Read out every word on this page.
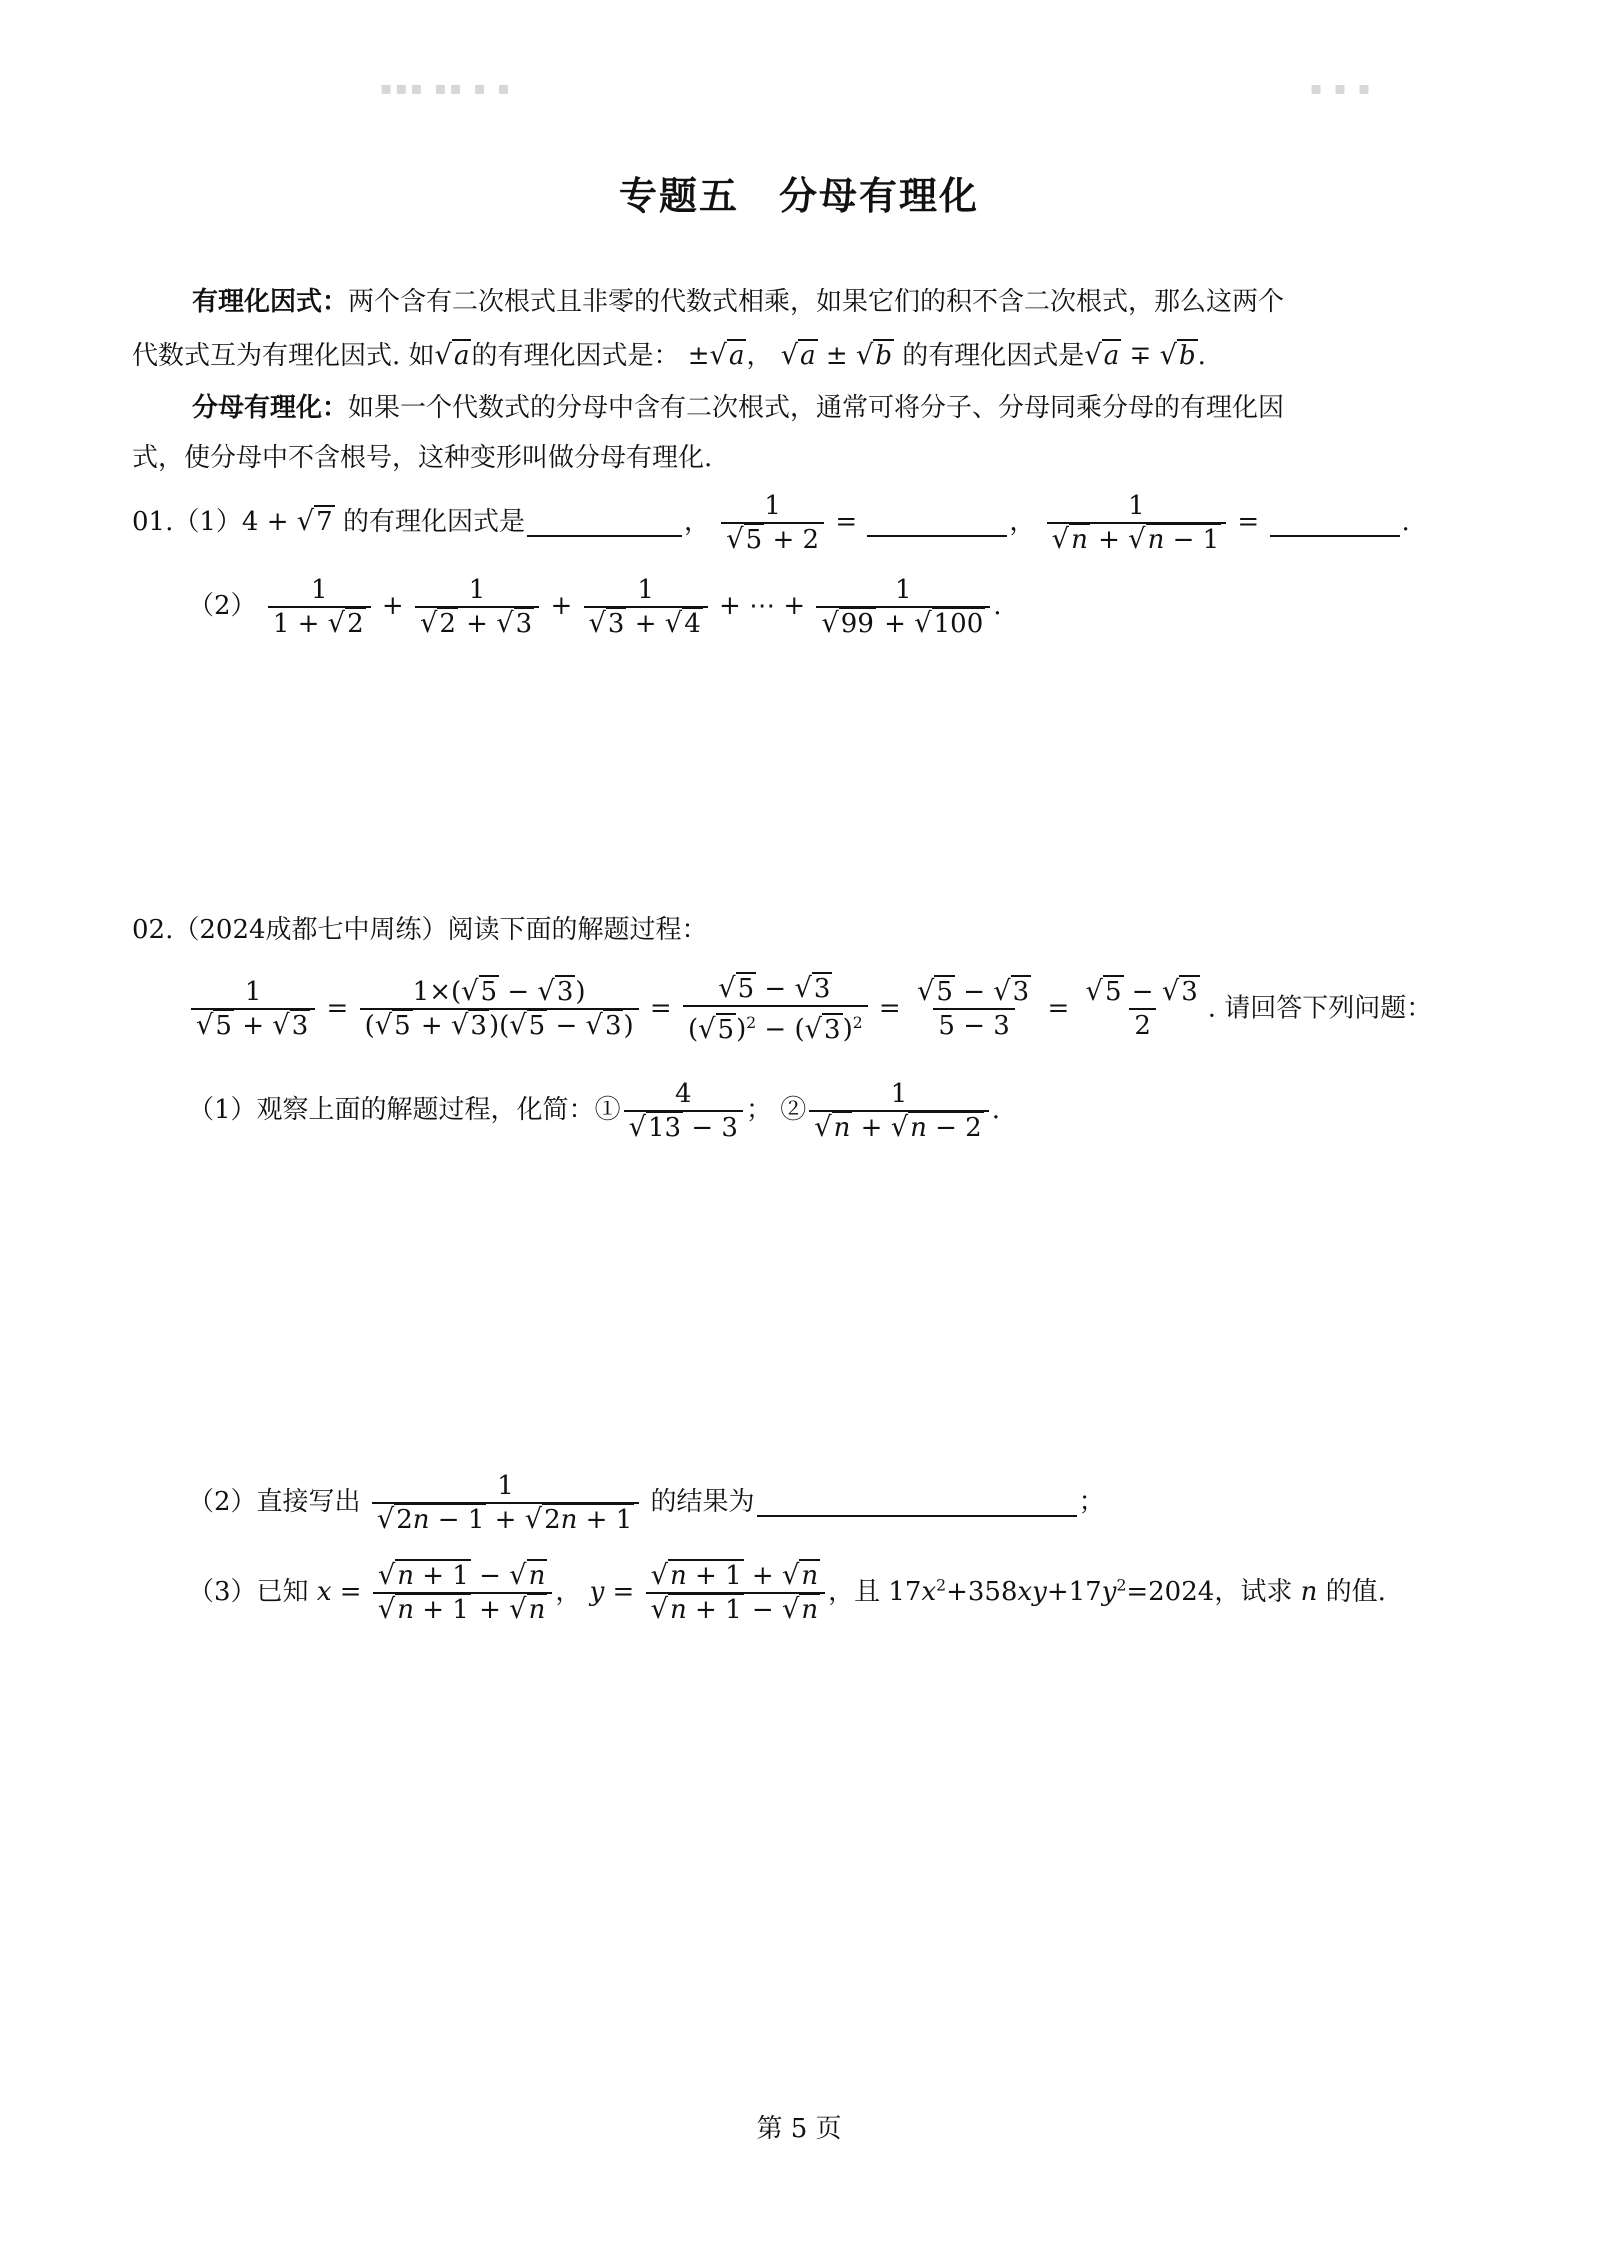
▪▪▪ ▪▪ ▪ ▪	▪ ▪ ▪
专题五　分母有理化
有理化因式：两个含有二次根式且非零的代数式相乘，如果它们的积不含二次根式，那么这两个
代数式互为有理化因式. 如√a的有理化因式是： ±√a， √a ± √b 的有理化因式是√a ∓ √b.
分母有理化：如果一个代数式的分母中含有二次根式，通常可将分子、分母同乘分母的有理化因
式，使分母中不含根号，这种变形叫做分母有理化.
01.（1）4 + √7 的有理化因式是	， $\frac{1}{√5 + 2}$ =	， $\frac{1}{√n + √n - 1}$ =	.
$(2) \frac{1}{1 + √2} + \frac{1}{√2 + √3} + \frac{1}{√3 + √4}$ + ⋯ + $\frac{1}{√99 + √100}$ .
02.（2024成都七中周练）阅读下面的解题过程：
$\frac{1}{√5 + √3} = \frac{1\times(√5 - √3)}{(√5 + √3)(√5 - √3)} = \frac{√5 - √3}{(√5)^2 - (√3)^2} = \frac{√5 - √3}{5 - 3} = \frac{√5 - √3}{2}$ . 请回答下列问题：
（1）观察上面的解题过程，化简：① $\frac{4}{√13 - 3}$ ； ② $\frac{1}{√n + √n - 2}$ .
（2）直接写出 $\frac{1}{√2n - 1 + √2n + 1}$ 的结果为	；
（3）已知 $x = \frac{√n + 1 - √n}{√n + 1 + √n}$ ， $y = \frac{√n + 1 + √n}{√n + 1 - √n}$ ，且 $17x^2+358xy+17y^2=2024$，试求 n 的值.
第 5 页
